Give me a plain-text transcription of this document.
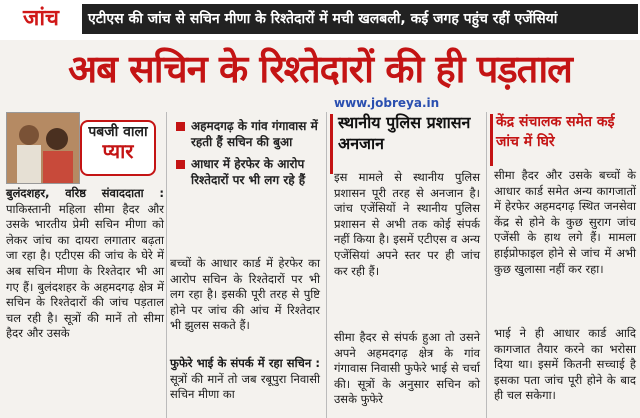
जांच	एटीएस की जांच से सचिन मीणा के रिश्तेदारों में मची खलबली, कई जगह पहुंच रहीं एजेंसियां
अब सचिन के रिश्तेदारों की ही पड़ताल
www.jobreya.in
पबजी वाला
प्यार
बुलंदशहर, वरिष्ठ संवाददाता : पाकिस्तानी महिला सीमा हैदर और उसके भारतीय प्रेमी सचिन मीणा को लेकर जांच का दायरा लगातार बढ़ता जा रहा है। एटीएस की जांच के घेरे में अब सचिन मीणा के रिश्तेदार भी आ गए हैं। बुलंदशहर के अहमदगढ़ क्षेत्र में सचिन के रिश्तेदारों की जांच पड़ताल चल रही है। सूत्रों की मानें तो सीमा हैदर और उसके
अहमदगढ़ के गांव गंगावास में रहती हैं सचिन की बुआ
आधार में हेरफेर के आरोप रिश्तेदारों पर भी लग रहे हैं
बच्चों के आधार कार्ड में हेरफेर का आरोप सचिन के रिश्तेदारों पर भी लग रहा है। इसकी पूरी तरह से पुष्टि होने पर जांच की आंच में रिश्तेदार भी झुलस सकते हैं।
फुफेरे भाई के संपर्क में रहा सचिन : सूत्रों की मानें तो जब रबूपुरा निवासी सचिन मीणा का
स्थानीय पुलिस प्रशासन अनजान
इस मामले से स्थानीय पुलिस प्रशासन पूरी तरह से अनजान है। जांच एजेंसियों ने स्थानीय पुलिस प्रशासन से अभी तक कोई संपर्क नहीं किया है। इसमें एटीएस व अन्य एजेंसियां अपने स्तर पर ही जांच कर रही हैं।
सीमा हैदर से संपर्क हुआ तो उसने अपने अहमदगढ़ क्षेत्र के गांव गंगावास निवासी फुफेरे भाई से चर्चा की। सूत्रों के अनुसार सचिन को उसके फुफेरे
केंद्र संचालक समेत कई जांच में घिरे
सीमा हैदर और उसके बच्चों के आधार कार्ड समेत अन्य कागजातों में हेरफेर अहमदगढ़ स्थित जनसेवा केंद्र से होने के कुछ सुराग जांच एजेंसी के हाथ लगे हैं। मामला हाईप्रोफाइल होने से जांच में अभी कुछ खुलासा नहीं कर रहा।
भाई ने ही आधार कार्ड आदि कागजात तैयार करने का भरोसा दिया था। इसमें कितनी सच्चाई है इसका पता जांच पूरी होने के बाद ही चल सकेगा।
